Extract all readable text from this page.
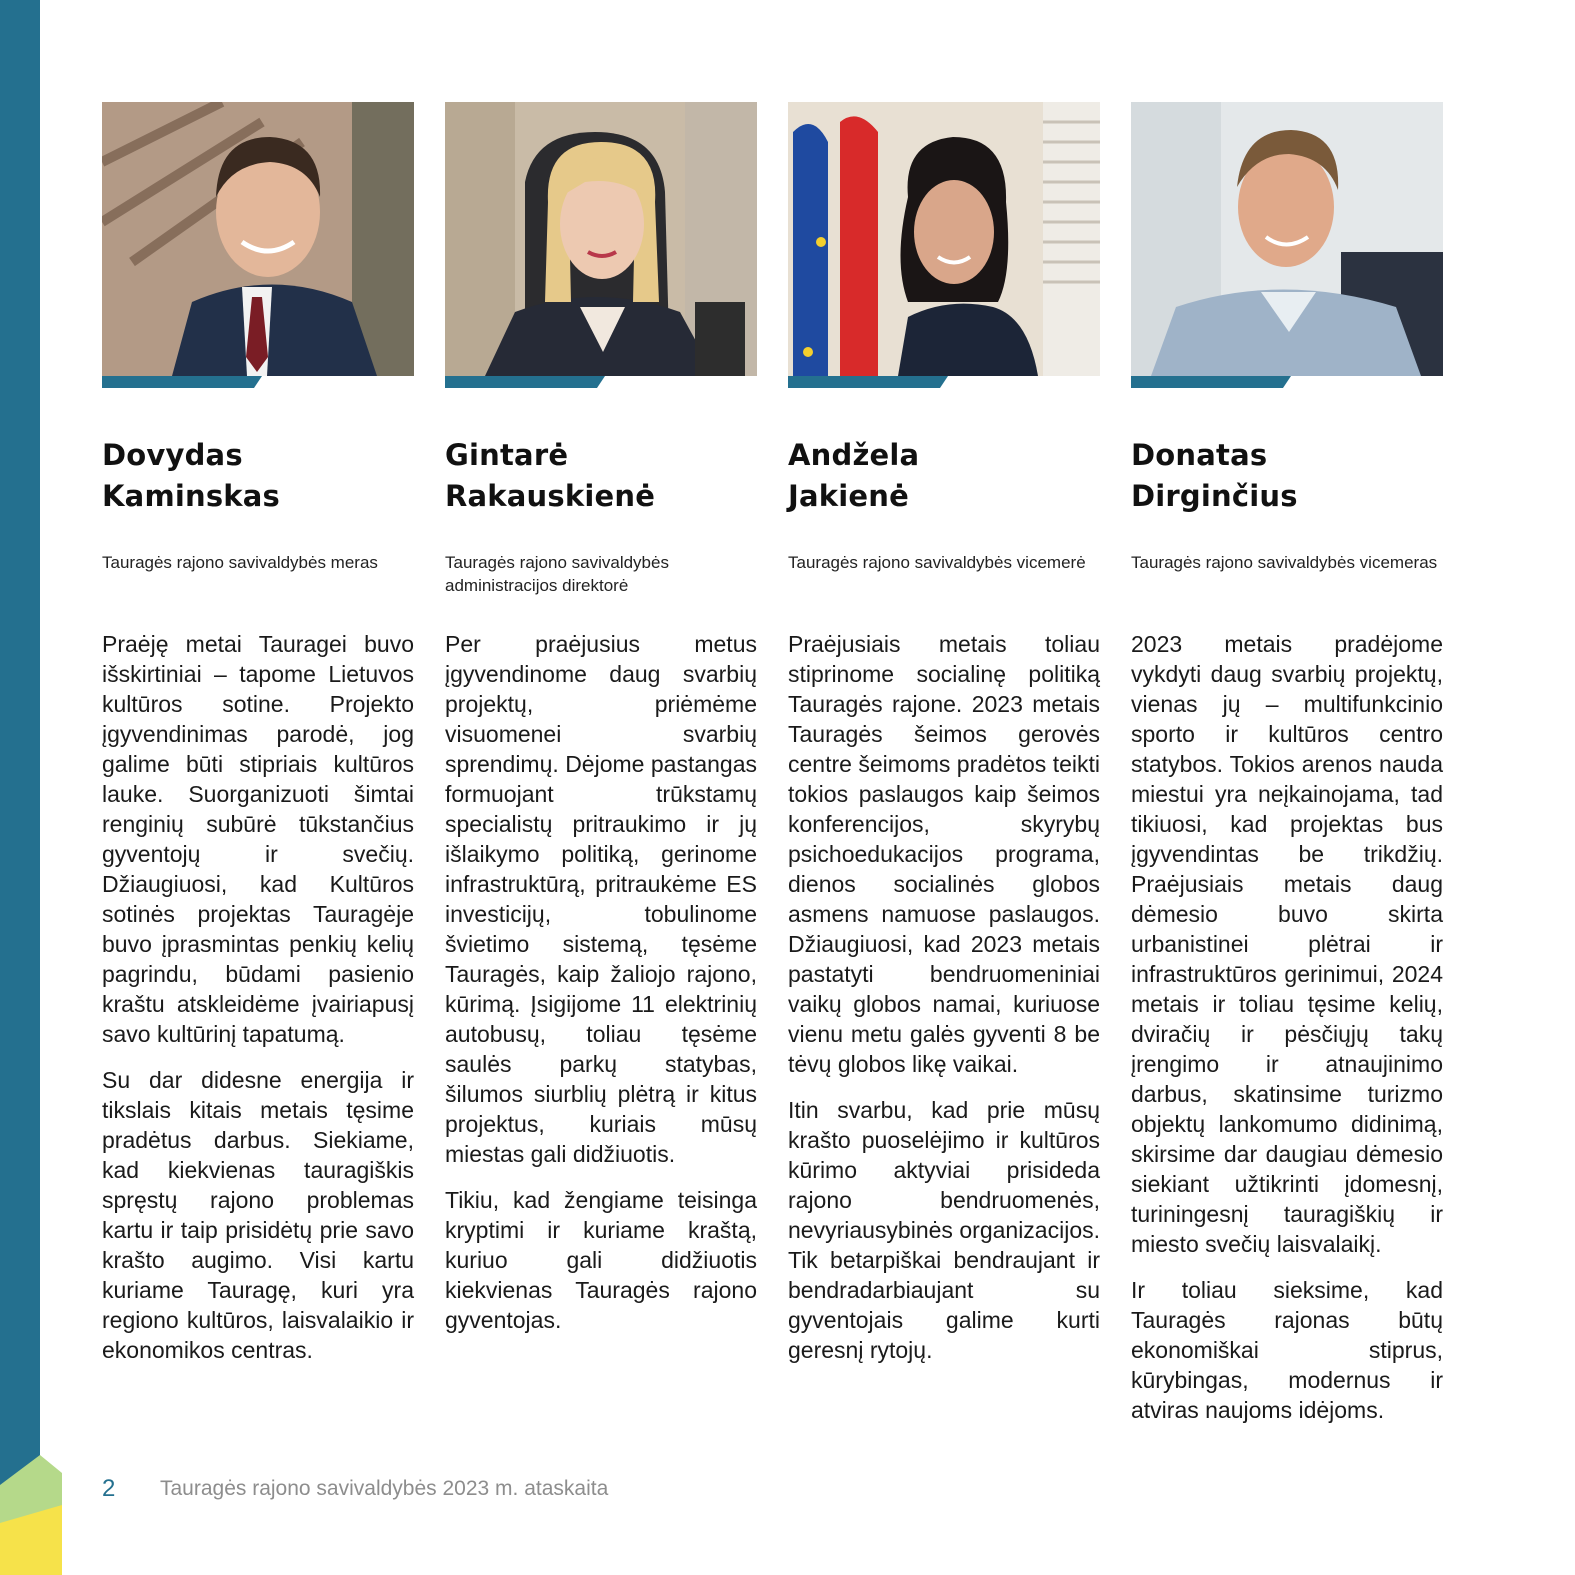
Dovydas
Kaminskas
Tauragės rajono savivaldybės meras

Praėję metai Tauragei buvo išskirtiniai – tapome Lietuvos kultūros sotine. Projekto įgyvendinimas parodė, jog galime būti stipriais kultūros lauke. Suorganizuoti šimtai renginių subūrė tūkstančius gyventojų ir svečių. Džiaugiuosi, kad Kultūros sotinės projektas Tauragėje buvo įprasmintas penkių kelių pagrindu, būdami pasienio kraštu atskleidėme įvairiapusį savo kultūrinį tapatumą.

Su dar didesne energija ir tikslais kitais metais tęsime pradėtus darbus. Siekiame, kad kiekvienas tauragiškis spręstų rajono problemas kartu ir taip prisidėtų prie savo krašto augimo. Visi kartu kuriame Tauragę, kuri yra regiono kultūros, laisvalaikio ir ekonomikos centras.

Gintarė
Rakauskienė
Tauragės rajono savivaldybės administracijos direktorė

Per praėjusius metus įgyvendinome daug svarbių projektų, priėmėme visuomenei svarbių sprendimų. Dėjome pastangas formuojant trūkstamų specialistų pritraukimo ir jų išlaikymo politiką, gerinome infrastruktūrą, pritraukėme ES investicijų, tobulinome švietimo sistemą, tęsėme Tauragės, kaip žaliojo rajono, kūrimą. Įsigijome 11 elektrinių autobusų, toliau tęsėme saulės parkų statybas, šilumos siurblių plėtrą ir kitus projektus, kuriais mūsų miestas gali didžiuotis.

Tikiu, kad žengiame teisinga kryptimi ir kuriame kraštą, kuriuo gali didžiuotis kiekvienas Tauragės rajono gyventojas.

Andžela
Jakienė
Tauragės rajono savivaldybės vicemerė

Praėjusiais metais toliau stiprinome socialinę politiką Tauragės rajone. 2023 metais Tauragės šeimos gerovės centre šeimoms pradėtos teikti tokios paslaugos kaip šeimos konferencijos, skyrybų psichoedukacijos programa, dienos socialinės globos asmens namuose paslaugos. Džiaugiuosi, kad 2023 metais pastatyti bendruomeniniai vaikų globos namai, kuriuose vienu metu galės gyventi 8 be tėvų globos likę vaikai.

Itin svarbu, kad prie mūsų krašto puoselėjimo ir kultūros kūrimo aktyviai prisideda rajono bendruomenės, nevyriausybinės organizacijos. Tik betarpiškai bendraujant ir bendradarbiaujant su gyventojais galime kurti geresnį rytojų.

Donatas
Dirginčius
Tauragės rajono savivaldybės vicemeras

2023 metais pradėjome vykdyti daug svarbių projektų, vienas jų – multifunkcinio sporto ir kultūros centro statybos. Tokios arenos nauda miestui yra neįkainojama, tad tikiuosi, kad projektas bus įgyvendintas be trikdžių. Praėjusiais metais daug dėmesio buvo skirta urbanistinei plėtrai ir infrastruktūros gerinimui, 2024 metais ir toliau tęsime kelių, dviračių ir pėsčiųjų takų įrengimo ir atnaujinimo darbus, skatinsime turizmo objektų lankomumo didinimą, skirsime dar daugiau dėmesio siekiant užtikrinti įdomesnį, turiningesnį tauragiškių ir miesto svečių laisvalaikį.

Ir toliau sieksime, kad Tauragės rajonas būtų ekonomiškai stiprus, kūrybingas, modernus ir atviras naujoms idėjoms.

2	Tauragės rajono savivaldybės 2023 m. ataskaita
